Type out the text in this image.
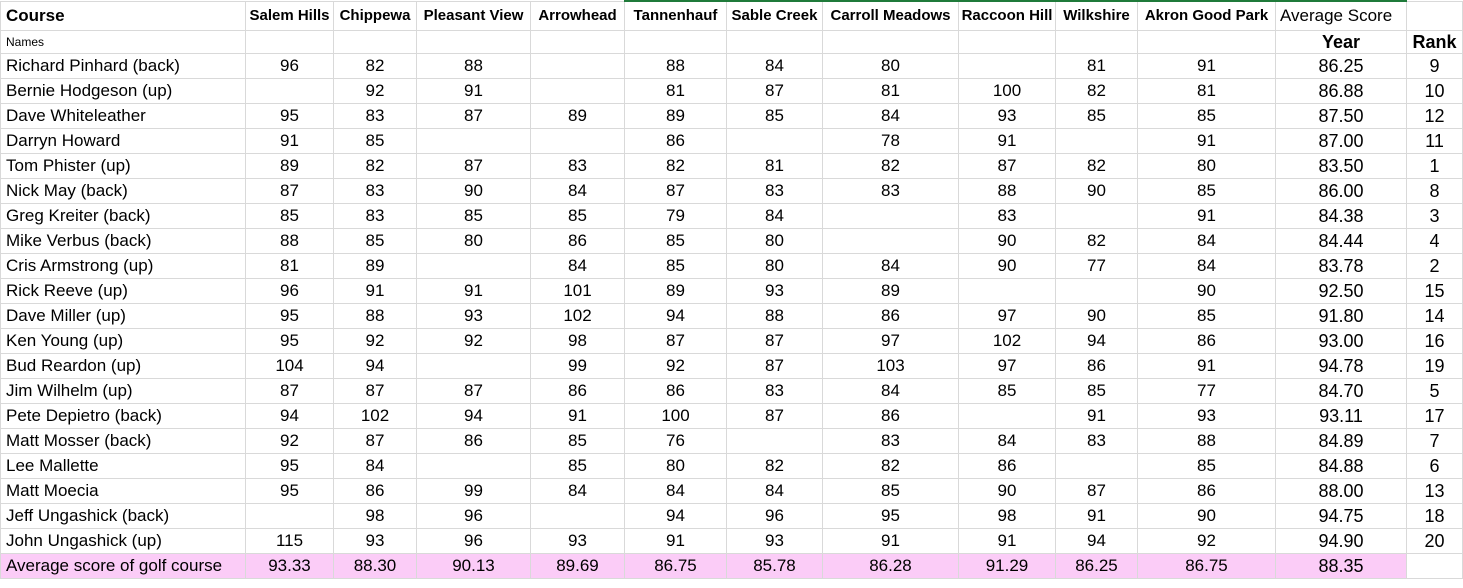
Course	Salem Hills	Chippewa	Pleasant View	Arrowhead	Tannenhauf	Sable Creek	Carroll Meadows	Raccoon Hill	Wilkshire	Akron Good Park	Average Score	
Names											Year	Rank
Richard Pinhard (back)	96	82	88		88	84	80		81	91	86.25	9
Bernie Hodgeson (up)		92	91		81	87	81	100	82	81	86.88	10
Dave Whiteleather	95	83	87	89	89	85	84	93	85	85	87.50	12
Darryn Howard	91	85			86		78	91		91	87.00	11
Tom Phister (up)	89	82	87	83	82	81	82	87	82	80	83.50	1
Nick May (back)	87	83	90	84	87	83	83	88	90	85	86.00	8
Greg Kreiter (back)	85	83	85	85	79	84		83		91	84.38	3
Mike Verbus (back)	88	85	80	86	85	80		90	82	84	84.44	4
Cris Armstrong (up)	81	89		84	85	80	84	90	77	84	83.78	2
Rick Reeve (up)	96	91	91	101	89	93	89			90	92.50	15
Dave Miller (up)	95	88	93	102	94	88	86	97	90	85	91.80	14
Ken Young (up)	95	92	92	98	87	87	97	102	94	86	93.00	16
Bud Reardon (up)	104	94		99	92	87	103	97	86	91	94.78	19
Jim Wilhelm (up)	87	87	87	86	86	83	84	85	85	77	84.70	5
Pete Depietro (back)	94	102	94	91	100	87	86		91	93	93.11	17
Matt Mosser (back)	92	87	86	85	76		83	84	83	88	84.89	7
Lee Mallette	95	84		85	80	82	82	86		85	84.88	6
Matt Moecia	95	86	99	84	84	84	85	90	87	86	88.00	13
Jeff Ungashick (back)		98	96		94	96	95	98	91	90	94.75	18
John Ungashick (up)	115	93	96	93	91	93	91	91	94	92	94.90	20
Average score of golf course	93.33	88.30	90.13	89.69	86.75	85.78	86.28	91.29	86.25	86.75	88.35	
